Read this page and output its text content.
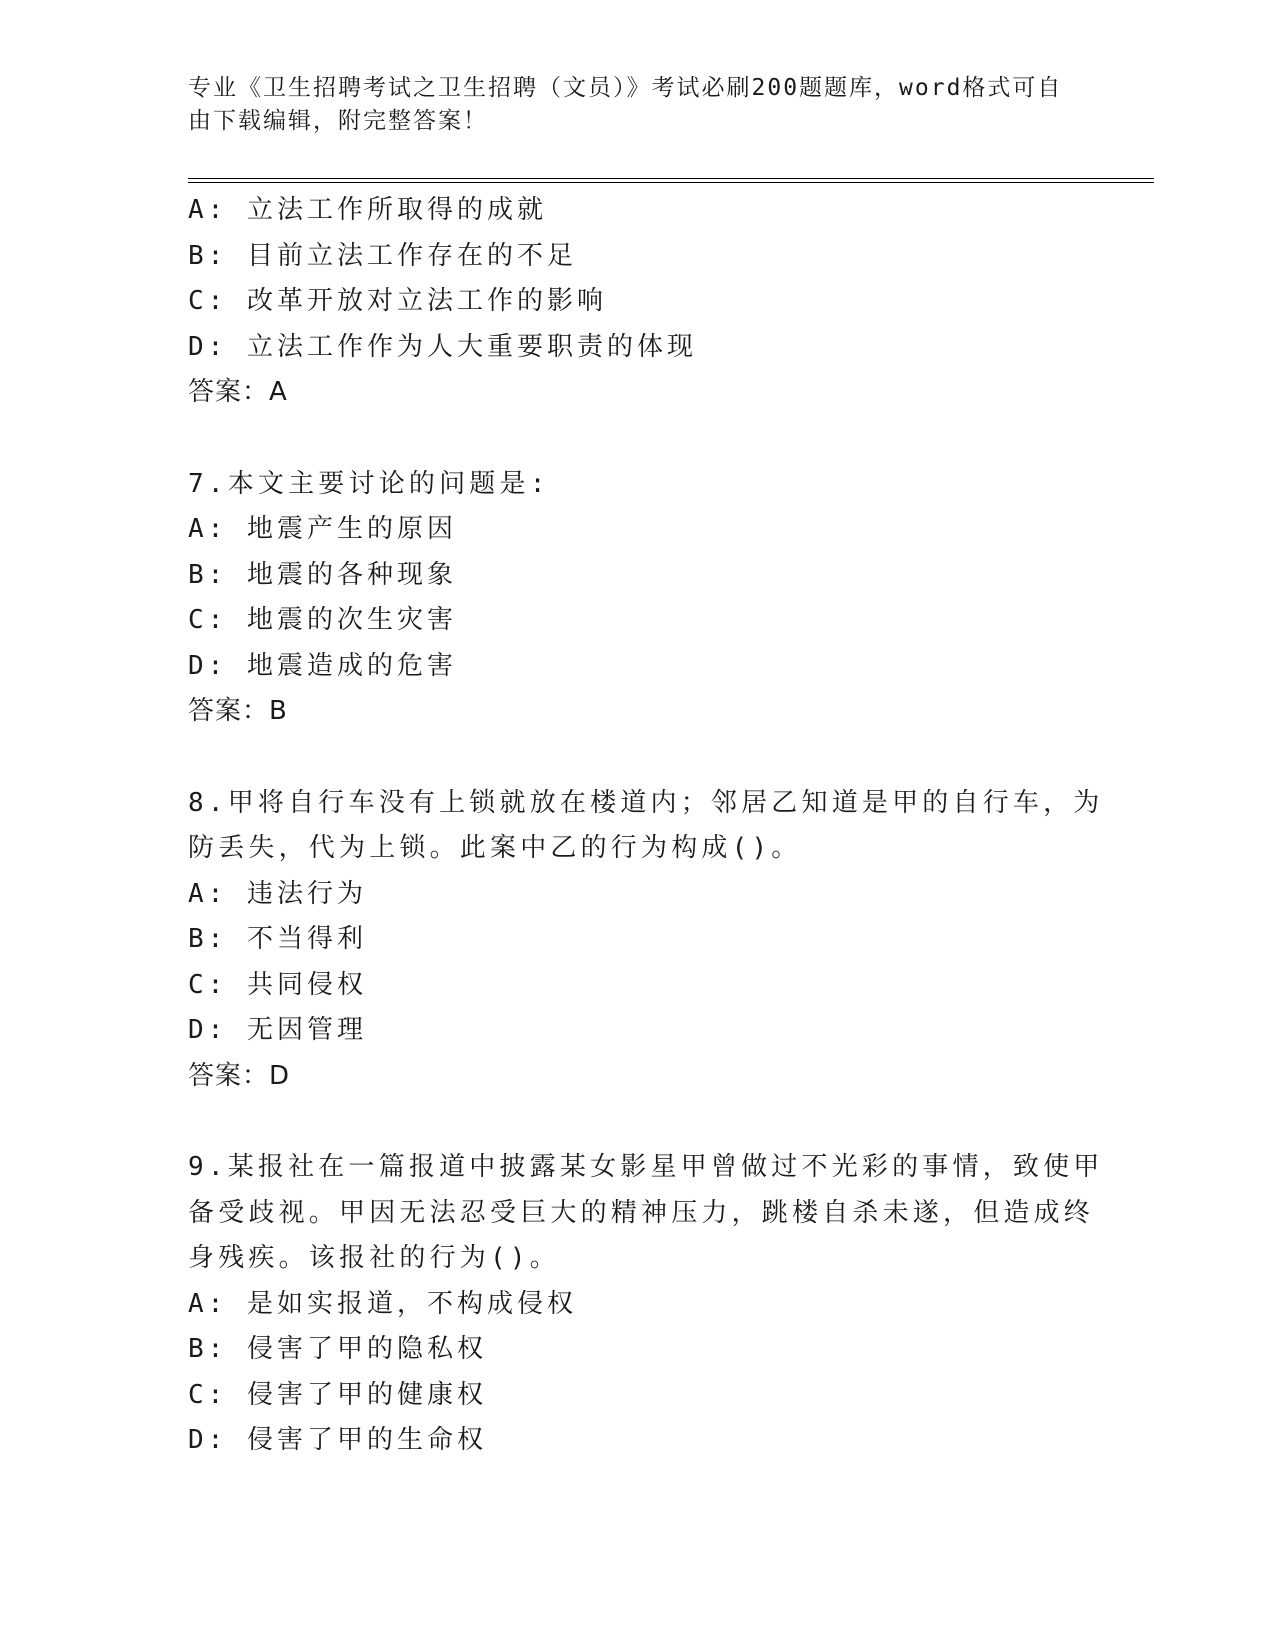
专业《卫生招聘考试之卫生招聘（文员）》考试必刷200题题库，word格式可自
由下载编辑，附完整答案！
A: 立法工作所取得的成就
B: 目前立法工作存在的不足
C: 改革开放对立法工作的影响
D: 立法工作作为人大重要职责的体现
答案：A
7.本文主要讨论的问题是:
A: 地震产生的原因
B: 地震的各种现象
C: 地震的次生灾害
D: 地震造成的危害
答案：B
8.甲将自行车没有上锁就放在楼道内；邻居乙知道是甲的自行车，为
防丢失，代为上锁。此案中乙的行为构成()。
A: 违法行为
B: 不当得利
C: 共同侵权
D: 无因管理
答案：D
9.某报社在一篇报道中披露某女影星甲曾做过不光彩的事情，致使甲
备受歧视。甲因无法忍受巨大的精神压力，跳楼自杀未遂，但造成终
身残疾。该报社的行为()。
A: 是如实报道，不构成侵权
B: 侵害了甲的隐私权
C: 侵害了甲的健康权
D: 侵害了甲的生命权
